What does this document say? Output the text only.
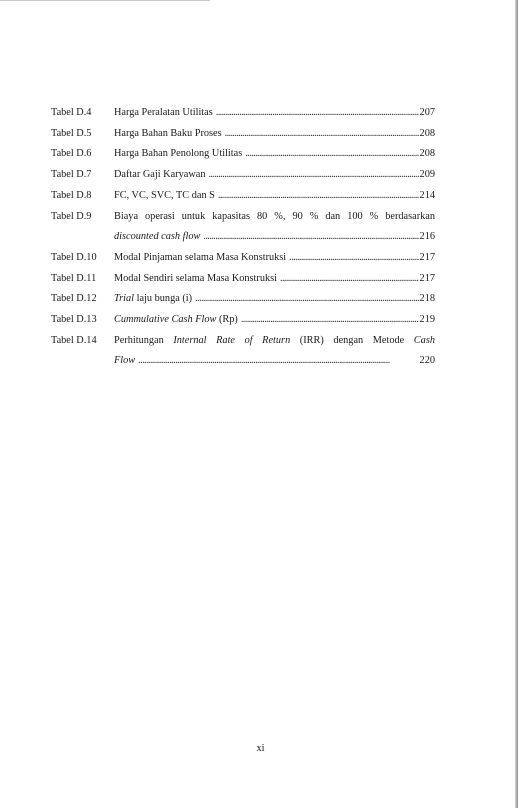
Tabel D.4	Harga Peralatan Utilitas . . .	207
Tabel D.5	Harga Bahan Baku Proses . . .	208
Tabel D.6	Harga Bahan Penolong Utilitas . . .	208
Tabel D.7	Daftar Gaji Karyawan . . .	209
Tabel D.8	FC, VC, SVC, TC dan S . . .	214
Tabel D.9	Biaya operasi untuk kapasitas 80 %, 90 % dan 100 % berdasarkan
discounted cash flow . . .	216
Tabel D.10	Modal Pinjaman selama Masa Konstruksi . . .	217
Tabel D.11	Modal Sendiri selama Masa Konstruksi . . .	217
Tabel D.12	Trial laju bunga (i) . . .	218
Tabel D.13	Cummulative Cash Flow (Rp) . . .	219
Tabel D.14	Perhitungan Internal Rate of Return (IRR) dengan Metode Cash
Flow . . .	220
xi
